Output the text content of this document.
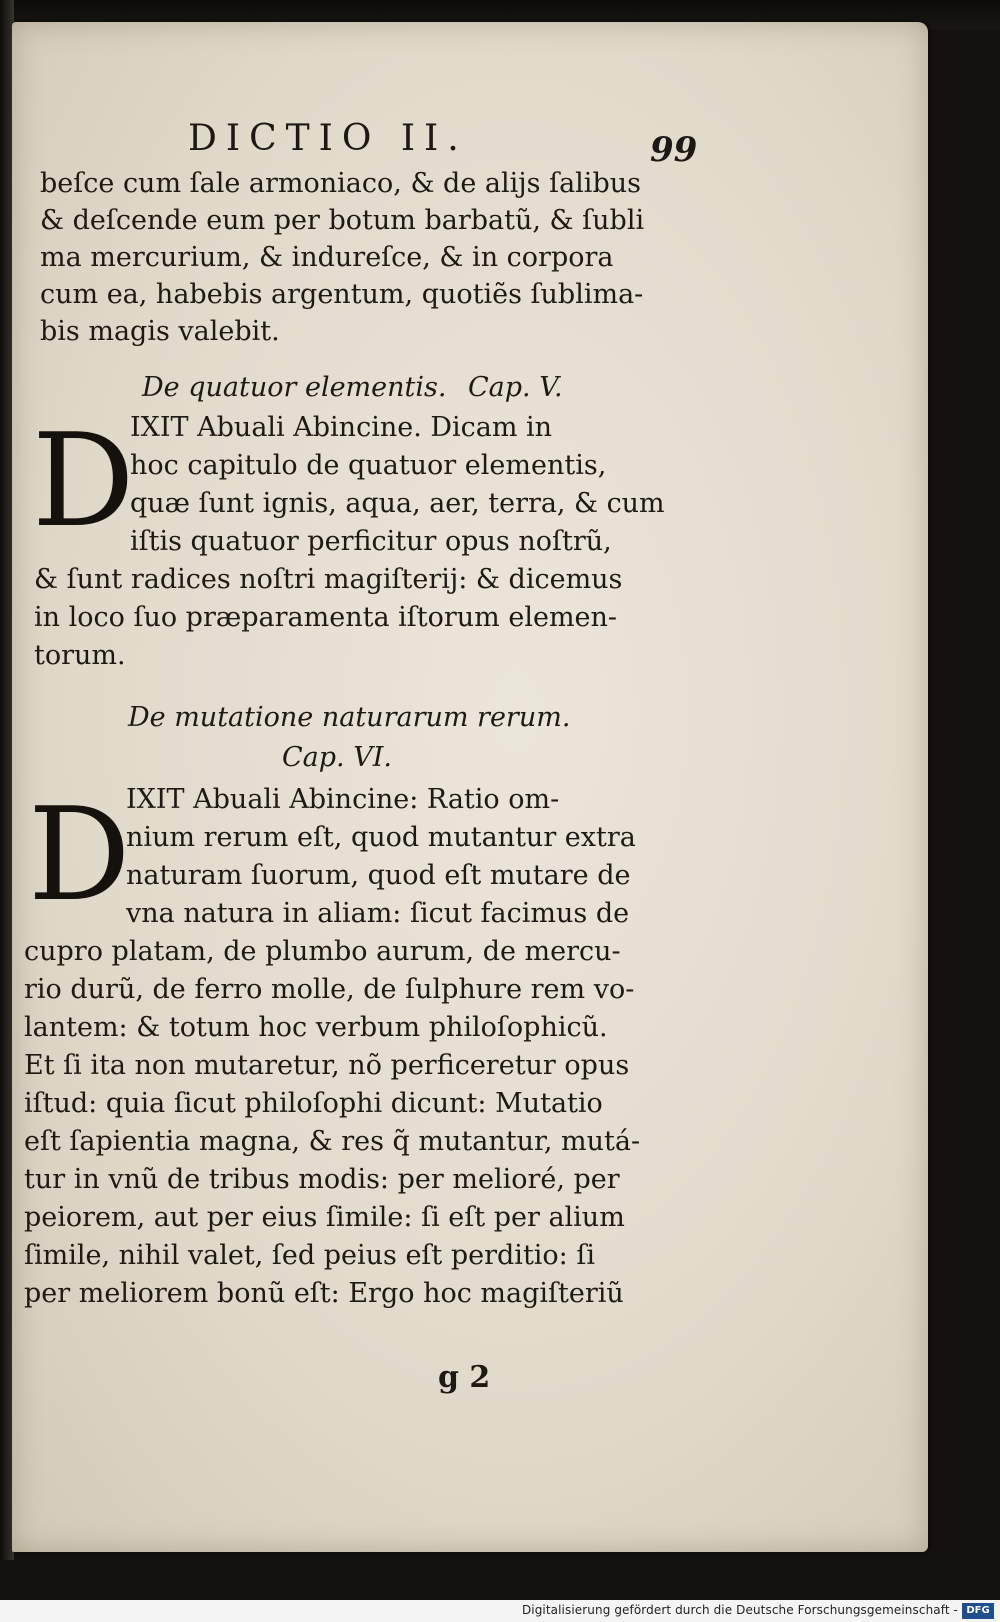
DICTIO II.	99
beſce cum ſale armoniaco, & de alijs ſalibus
& deſcende eum per botum barbatũ, & ſubli
ma mercurium, & indureſce, & in corpora
cum ea, habebis argentum, quotiẽs ſublima-
bis magis valebit.
De quatuor elementis. Cap. V.
D
IXIT Abuali Abincine. Dicam in
hoc capitulo de quatuor elementis,
quæ ſunt ignis, aqua, aer, terra, & cum
iſtis quatuor perficitur opus noſtrũ,
& ſunt radices noſtri magiſterij: & dicemus
in loco ſuo præparamenta iſtorum elemen-
torum.
De mutatione naturarum rerum.
Cap. VI.
D
IXIT Abuali Abincine: Ratio om-
nium rerum eſt, quod mutantur extra
naturam ſuorum, quod eſt mutare de
vna natura in aliam: ſicut facimus de
cupro platam, de plumbo aurum, de mercu-
rio durũ, de ferro molle, de ſulphure rem vo-
lantem: & totum hoc verbum philoſophicũ.
Et ſi ita non mutaretur, nõ perficeretur opus
iſtud: quia ſicut philoſophi dicunt: Mutatio
eſt ſapientia magna, & res q̃ mutantur, mutá-
tur in vnũ de tribus modis: per melioré, per
peiorem, aut per eius ſimile: ſi eſt per alium
ſimile, nihil valet, ſed peius eſt perditio: ſi
per meliorem bonũ eſt: Ergo hoc magiſteriũ
g 2
Digitalisierung gefördert durch die Deutsche Forschungsgemeinschaft - DFG
